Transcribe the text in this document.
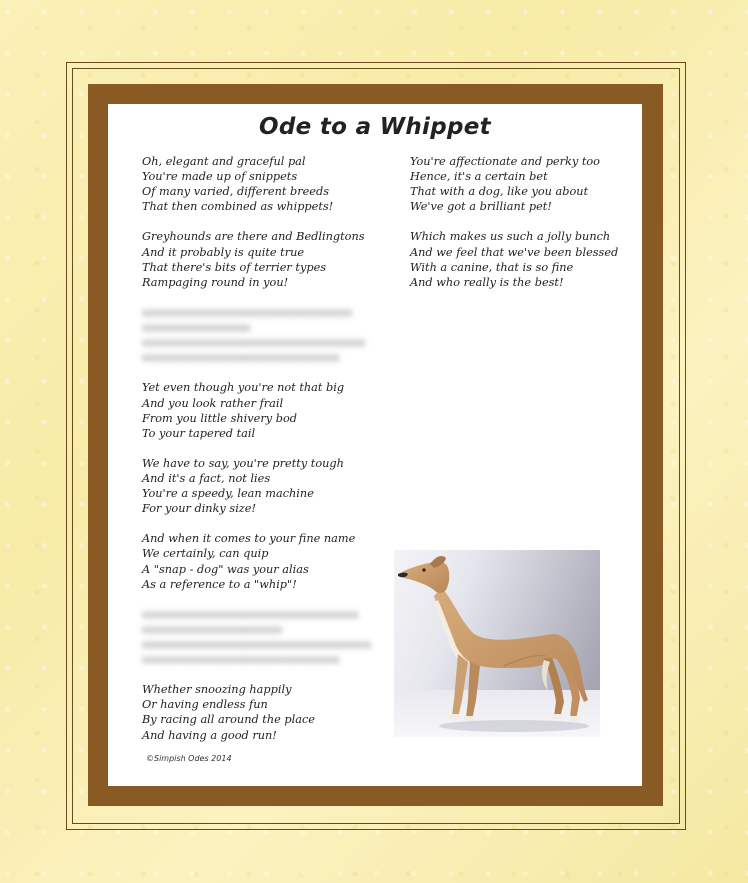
Ode to a Whippet
Oh, elegant and graceful pal
You're made up of snippets
Of many varied, different breeds
That then combined as whippets!
Greyhounds are there and Bedlingtons
And it probably is quite true
That there's bits of terrier types
Rampaging round in you!
xxxxxxxxxxxxxxxxxxxxxxxxxxxxxxxxx
xxxxxxxxxxxxxxxxx
xxxxxxxxxxxxxxxxxxxxxxxxxxxxxxxxxxx
xxxxxxxxxxxxxxxxxxxxxxxxxxxxxxx
Yet even though you're not that big
And you look rather frail
From you little shivery bod
To your tapered tail
We have to say, you're pretty tough
And it's a fact, not lies
You're a speedy, lean machine
For your dinky size!
And when it comes to your fine name
We certainly, can quip
A "snap - dog" was your alias
As a reference to a "whip"!
xxxxxxxxxxxxxxxxxxxxxxxxxxxxxxxxxx
xxxxxxxxxxxxxxxxxxxxxx
xxxxxxxxxxxxxxxxxxxxxxxxxxxxxxxxxxxx
xxxxxxxxxxxxxxxxxxxxxxxxxxxxxxx
Whether snoozing happily
Or having endless fun
By racing all around the place
And having a good run!
You're affectionate and perky too
Hence, it's a certain bet
That with a dog, like you about
We've got a brilliant pet!
Which makes us such a jolly bunch
And we feel that we've been blessed
With a canine, that is so fine
And who really is the best!
©Simpish Odes 2014
